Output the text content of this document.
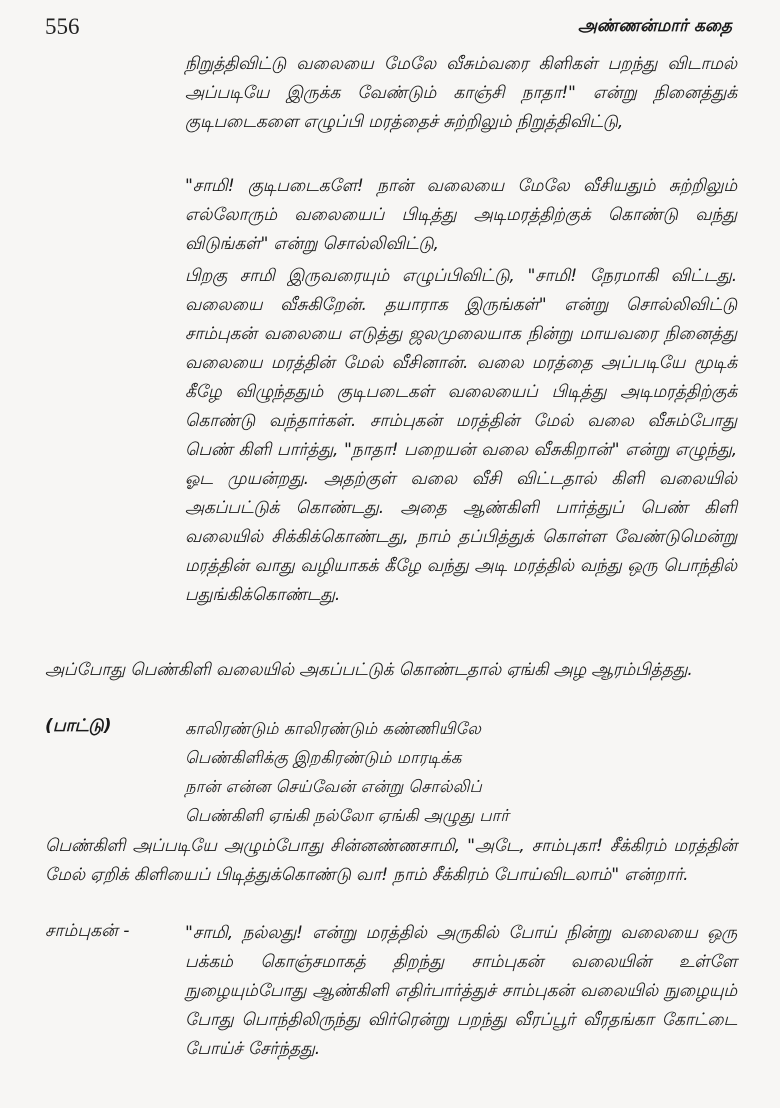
556	அண்ணன்மார் கதை

நிறுத்திவிட்டு வலையை மேலே வீசும்வரை கிளிகள் பறந்து விடாமல் அப்படியே இருக்க வேண்டும் காஞ்சி நாதா!" என்று நினைத்துக் குடிபடைகளை எழுப்பி மரத்தைச் சுற்றிலும் நிறுத்திவிட்டு,

"சாமி! குடிபடைகளே! நான் வலையை மேலே வீசியதும் சுற்றிலும் எல்லோரும் வலையைப் பிடித்து அடிமரத்திற்குக் கொண்டு வந்து விடுங்கள்" என்று சொல்லிவிட்டு,

பிறகு சாமி இருவரையும் எழுப்பிவிட்டு, "சாமி! நேரமாகி விட்டது. வலையை வீசுகிறேன். தயாராக இருங்கள்" என்று சொல்லிவிட்டு சாம்புகன் வலையை எடுத்து ஜலமுலையாக நின்று மாயவரை நினைத்து வலையை மரத்தின் மேல் வீசினான். வலை மரத்தை அப்படியே மூடிக் கீழே விழுந்ததும் குடிபடைகள் வலையைப் பிடித்து அடிமரத்திற்குக் கொண்டு வந்தார்கள். சாம்புகன் மரத்தின் மேல் வலை வீசும்போது பெண் கிளி பார்த்து, "நாதா! பறையன் வலை வீசுகிறான்" என்று எழுந்து, ஓட முயன்றது. அதற்குள் வலை வீசி விட்டதால் கிளி வலையில் அகப்பட்டுக் கொண்டது. அதை ஆண்கிளி பார்த்துப் பெண் கிளி வலையில் சிக்கிக்கொண்டது, நாம் தப்பித்துக் கொள்ள வேண்டுமென்று மரத்தின் வாது வழியாகக் கீழே வந்து அடி மரத்தில் வந்து ஒரு பொந்தில் பதுங்கிக்கொண்டது.

அப்போது பெண்கிளி வலையில் அகப்பட்டுக் கொண்டதால் ஏங்கி அழ ஆரம்பித்தது.

(பாட்டு)	காலிரண்டும் காலிரண்டும் கண்ணியிலே
பெண்கிளிக்கு இறகிரண்டும் மாரடிக்க
நான் என்ன செய்வேன் என்று சொல்லிப்
பெண்கிளி ஏங்கி நல்லோ ஏங்கி அழுது பார்

பெண்கிளி அப்படியே அழும்போது சின்னண்ணசாமி, "அடே, சாம்புகா! சீக்கிரம் மரத்தின் மேல் ஏறிக் கிளியைப் பிடித்துக்கொண்டு வா! நாம் சீக்கிரம் போய்விடலாம்" என்றார்.

சாம்புகன் -	"சாமி, நல்லது! என்று மரத்தில் அருகில் போய் நின்று வலையை ஒரு பக்கம் கொஞ்சமாகத் திறந்து சாம்புகன் வலையின் உள்ளே நுழையும்போது ஆண்கிளி எதிர்பார்த்துச் சாம்புகன் வலையில் நுழையும் போது பொந்திலிருந்து விர்ரென்று பறந்து வீரப்பூர் வீரதங்கா கோட்டை போய்ச் சேர்ந்தது.
